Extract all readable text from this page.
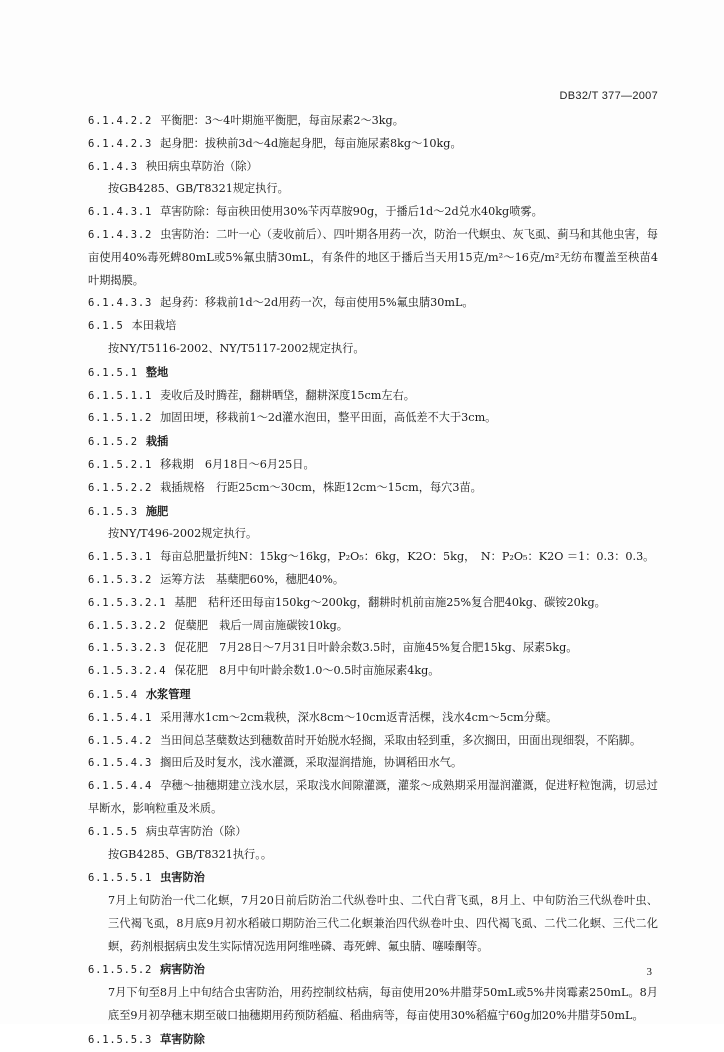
DB32/T 377—2007
6.1.4.2.2 平衡肥：3～4叶期施平衡肥，每亩尿素2～3kg。
6.1.4.2.3 起身肥：拔秧前3d～4d施起身肥，每亩施尿素8kg～10kg。
6.1.4.3 秧田病虫草防治（除）
按GB4285、GB/T8321规定执行。
6.1.4.3.1 草害防除：每亩秧田使用30%苄丙草胺90g，于播后1d～2d兑水40kg喷雾。
6.1.4.3.2 虫害防治：二叶一心（麦收前后）、四叶期各用药一次，防治一代螟虫、灰飞虱、蓟马和其他虫害，每亩使用40%毒死蜱80mL或5%氟虫腈30mL，有条件的地区于播后当天用15克/m²～16克/m²无纺布覆盖至秧苗4叶期揭膜。
6.1.4.3.3 起身药：移栽前1d～2d用药一次，每亩使用5%氟虫腈30mL。
6.1.5 本田栽培
按NY/T5116-2002、NY/T5117-2002规定执行。
6.1.5.1 整地
6.1.5.1.1 麦收后及时腾茬，翻耕晒垡，翻耕深度15cm左右。
6.1.5.1.2 加固田埂，移栽前1～2d灌水泡田，整平田面，高低差不大于3cm。
6.1.5.2 栽插
6.1.5.2.1 移栽期　6月18日～6月25日。
6.1.5.2.2 栽插规格　行距25cm～30cm，株距12cm～15cm，每穴3苗。
6.1.5.3 施肥
按NY/T496-2002规定执行。
6.1.5.3.1 每亩总肥量折纯N：15kg～16kg，P₂O₅：6kg，K2O：5kg，　N：P₂O₅：K2O ＝1：0.3：0.3。
6.1.5.3.2 运筹方法　基蘖肥60%，穗肥40%。
6.1.5.3.2.1 基肥　秸秆还田每亩150kg～200kg，翻耕时机前亩施25%复合肥40kg、碳铵20kg。
6.1.5.3.2.2 促蘖肥　栽后一周亩施碳铵10kg。
6.1.5.3.2.3 促花肥　7月28日～7月31日叶龄余数3.5时，亩施45%复合肥15kg、尿素5kg。
6.1.5.3.2.4 保花肥　8月中旬叶龄余数1.0～0.5时亩施尿素4kg。
6.1.5.4 水浆管理
6.1.5.4.1 采用薄水1cm～2cm栽秧，深水8cm～10cm返青活棵，浅水4cm～5cm分蘖。
6.1.5.4.2 当田间总茎蘖数达到穗数苗时开始脱水轻搁，采取由轻到重，多次搁田，田面出现细裂，不陷脚。
6.1.5.4.3 搁田后及时复水，浅水灌溉，采取湿润措施，协调稻田水气。
6.1.5.4.4 孕穗～抽穗期建立浅水层，采取浅水间隙灌溉，灌浆～成熟期采用湿润灌溉，促进籽粒饱满，切忌过早断水，影响粒重及米质。
6.1.5.5 病虫草害防治（除）
按GB4285、GB/T8321执行。。
6.1.5.5.1 虫害防治
7月上旬防治一代二化螟，7月20日前后防治二代纵卷叶虫、二代白背飞虱，8月上、中旬防治三代纵卷叶虫、三代褐飞虱，8月底9月初水稻破口期防治三代二化螟兼治四代纵卷叶虫、四代褐飞虱、二代二化螟、三代二化螟，药剂根据病虫发生实际情况选用阿维唑磷、毒死蜱、氟虫腈、噻嗪酮等。
6.1.5.5.2 病害防治
7月下旬至8月上中旬结合虫害防治，用药控制纹枯病，每亩使用20%井腊芽50mL或5%井岗霉素250mL。8月底至9月初孕穗末期至破口抽穗期用药预防稻瘟、稻曲病等，每亩使用30%稻瘟宁60g加20%井腊芽50mL。
6.1.5.5.3 草害防除
3
